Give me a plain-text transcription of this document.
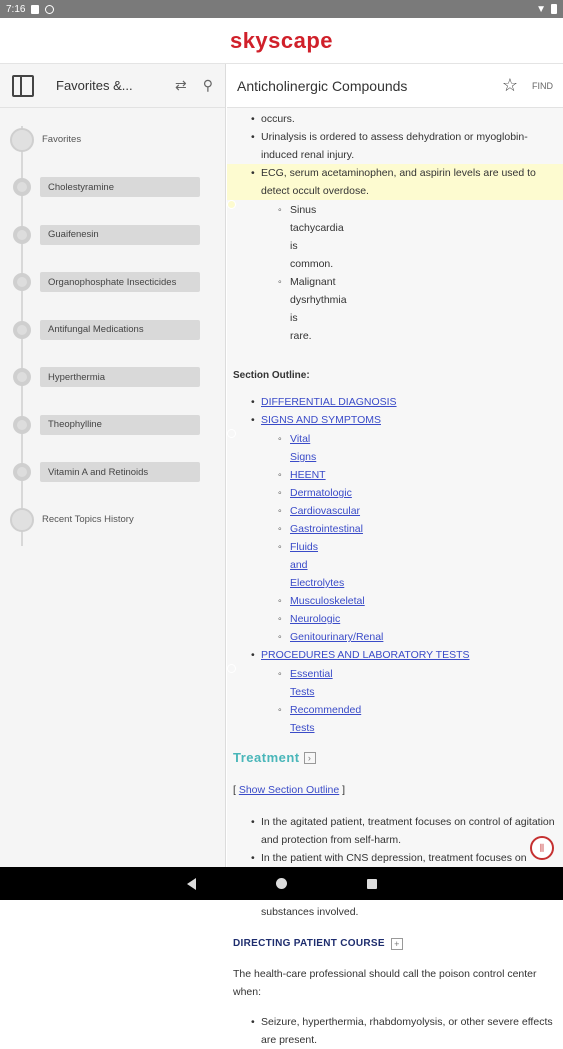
7:16	▼
skyscape
Favorites &...	⇄ ⚲
Favorites
Cholestyramine
Guaifenesin
Organophosphate Insecticides
Antifungal Medications
Hyperthermia
Theophylline
Vitamin A and Retinoids
Recent Topics History
Anticholinergic Compounds	☆ FIND
• occurs.
• Urinalysis is ordered to assess dehydration or myoglobin-induced renal injury.
• ECG, serum acetaminophen, and aspirin levels are used to detect occult overdose.
◦ Sinus tachycardia is common.
◦ Malignant dysrhythmia is rare.
Section Outline:
• DIFFERENTIAL DIAGNOSIS
• SIGNS AND SYMPTOMS
◦ Vital Signs
◦ HEENT
◦ Dermatologic
◦ Cardiovascular
◦ Gastrointestinal
◦ Fluids and Electrolytes
◦ Musculoskeletal
◦ Neurologic
◦ Genitourinary/Renal
• PROCEDURES AND LABORATORY TESTS
◦ Essential Tests
◦ Recommended Tests
Treatment ›
[ Show Section Outline ]
• In the agitated patient, treatment focuses on control of agitation and protection from self-harm.
• In the patient with CNS depression, treatment focuses on
• substances involved.
DIRECTING PATIENT COURSE	+
The health-care professional should call the poison control center when:
• Seizure, hyperthermia, rhabdomyolysis, or other severe effects are present.
⫼
